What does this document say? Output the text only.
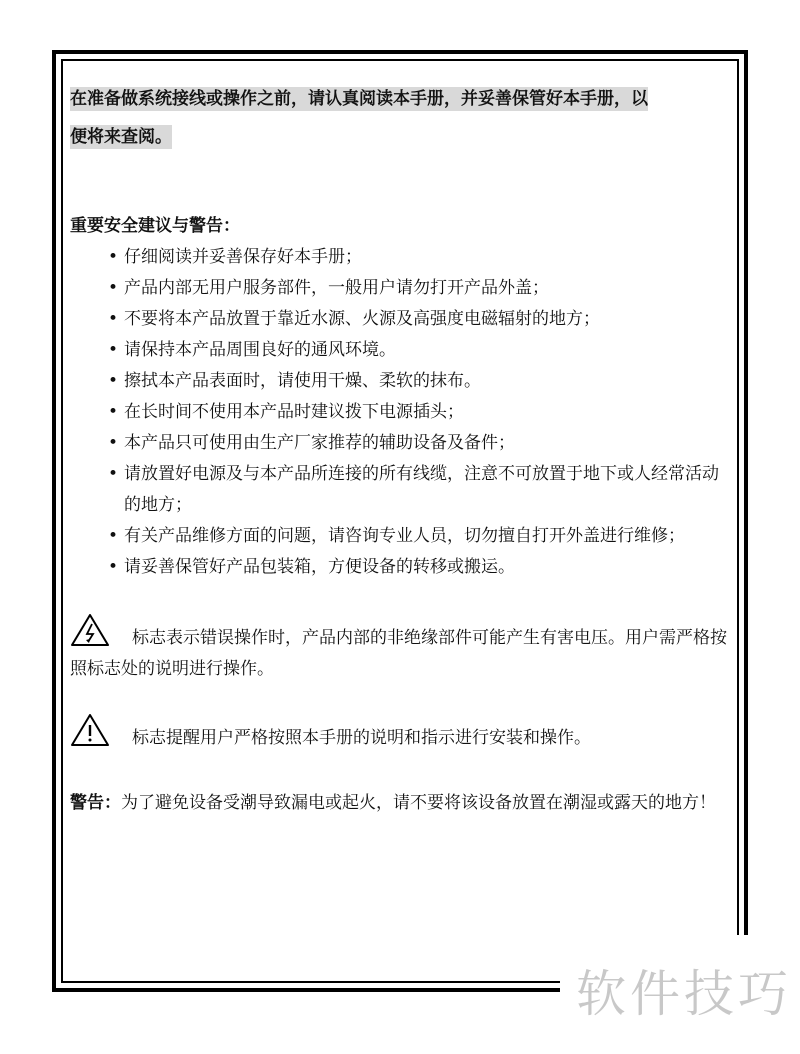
在准备做系统接线或操作之前，请认真阅读本手册，并妥善保管好本手册，以
便将来查阅。

重要安全建议与警告：
• 仔细阅读并妥善保存好本手册；
• 产品内部无用户服务部件，一般用户请勿打开产品外盖；
• 不要将本产品放置于靠近水源、火源及高强度电磁辐射的地方；
• 请保持本产品周围良好的通风环境。
• 擦拭本产品表面时，请使用干燥、柔软的抹布。
• 在长时间不使用本产品时建议拨下电源插头；
• 本产品只可使用由生产厂家推荐的辅助设备及备件；
• 请放置好电源及与本产品所连接的所有线缆，注意不可放置于地下或人经常活动的地方；
• 有关产品维修方面的问题，请咨询专业人员，切勿擅自打开外盖进行维修；
• 请妥善保管好产品包装箱，方便设备的转移或搬运。

标志表示错误操作时，产品内部的非绝缘部件可能产生有害电压。用户需严格按照标志处的说明进行操作。

标志提醒用户严格按照本手册的说明和指示进行安装和操作。

警告：为了避免设备受潮导致漏电或起火，请不要将该设备放置在潮湿或露天的地方！

软件技巧
